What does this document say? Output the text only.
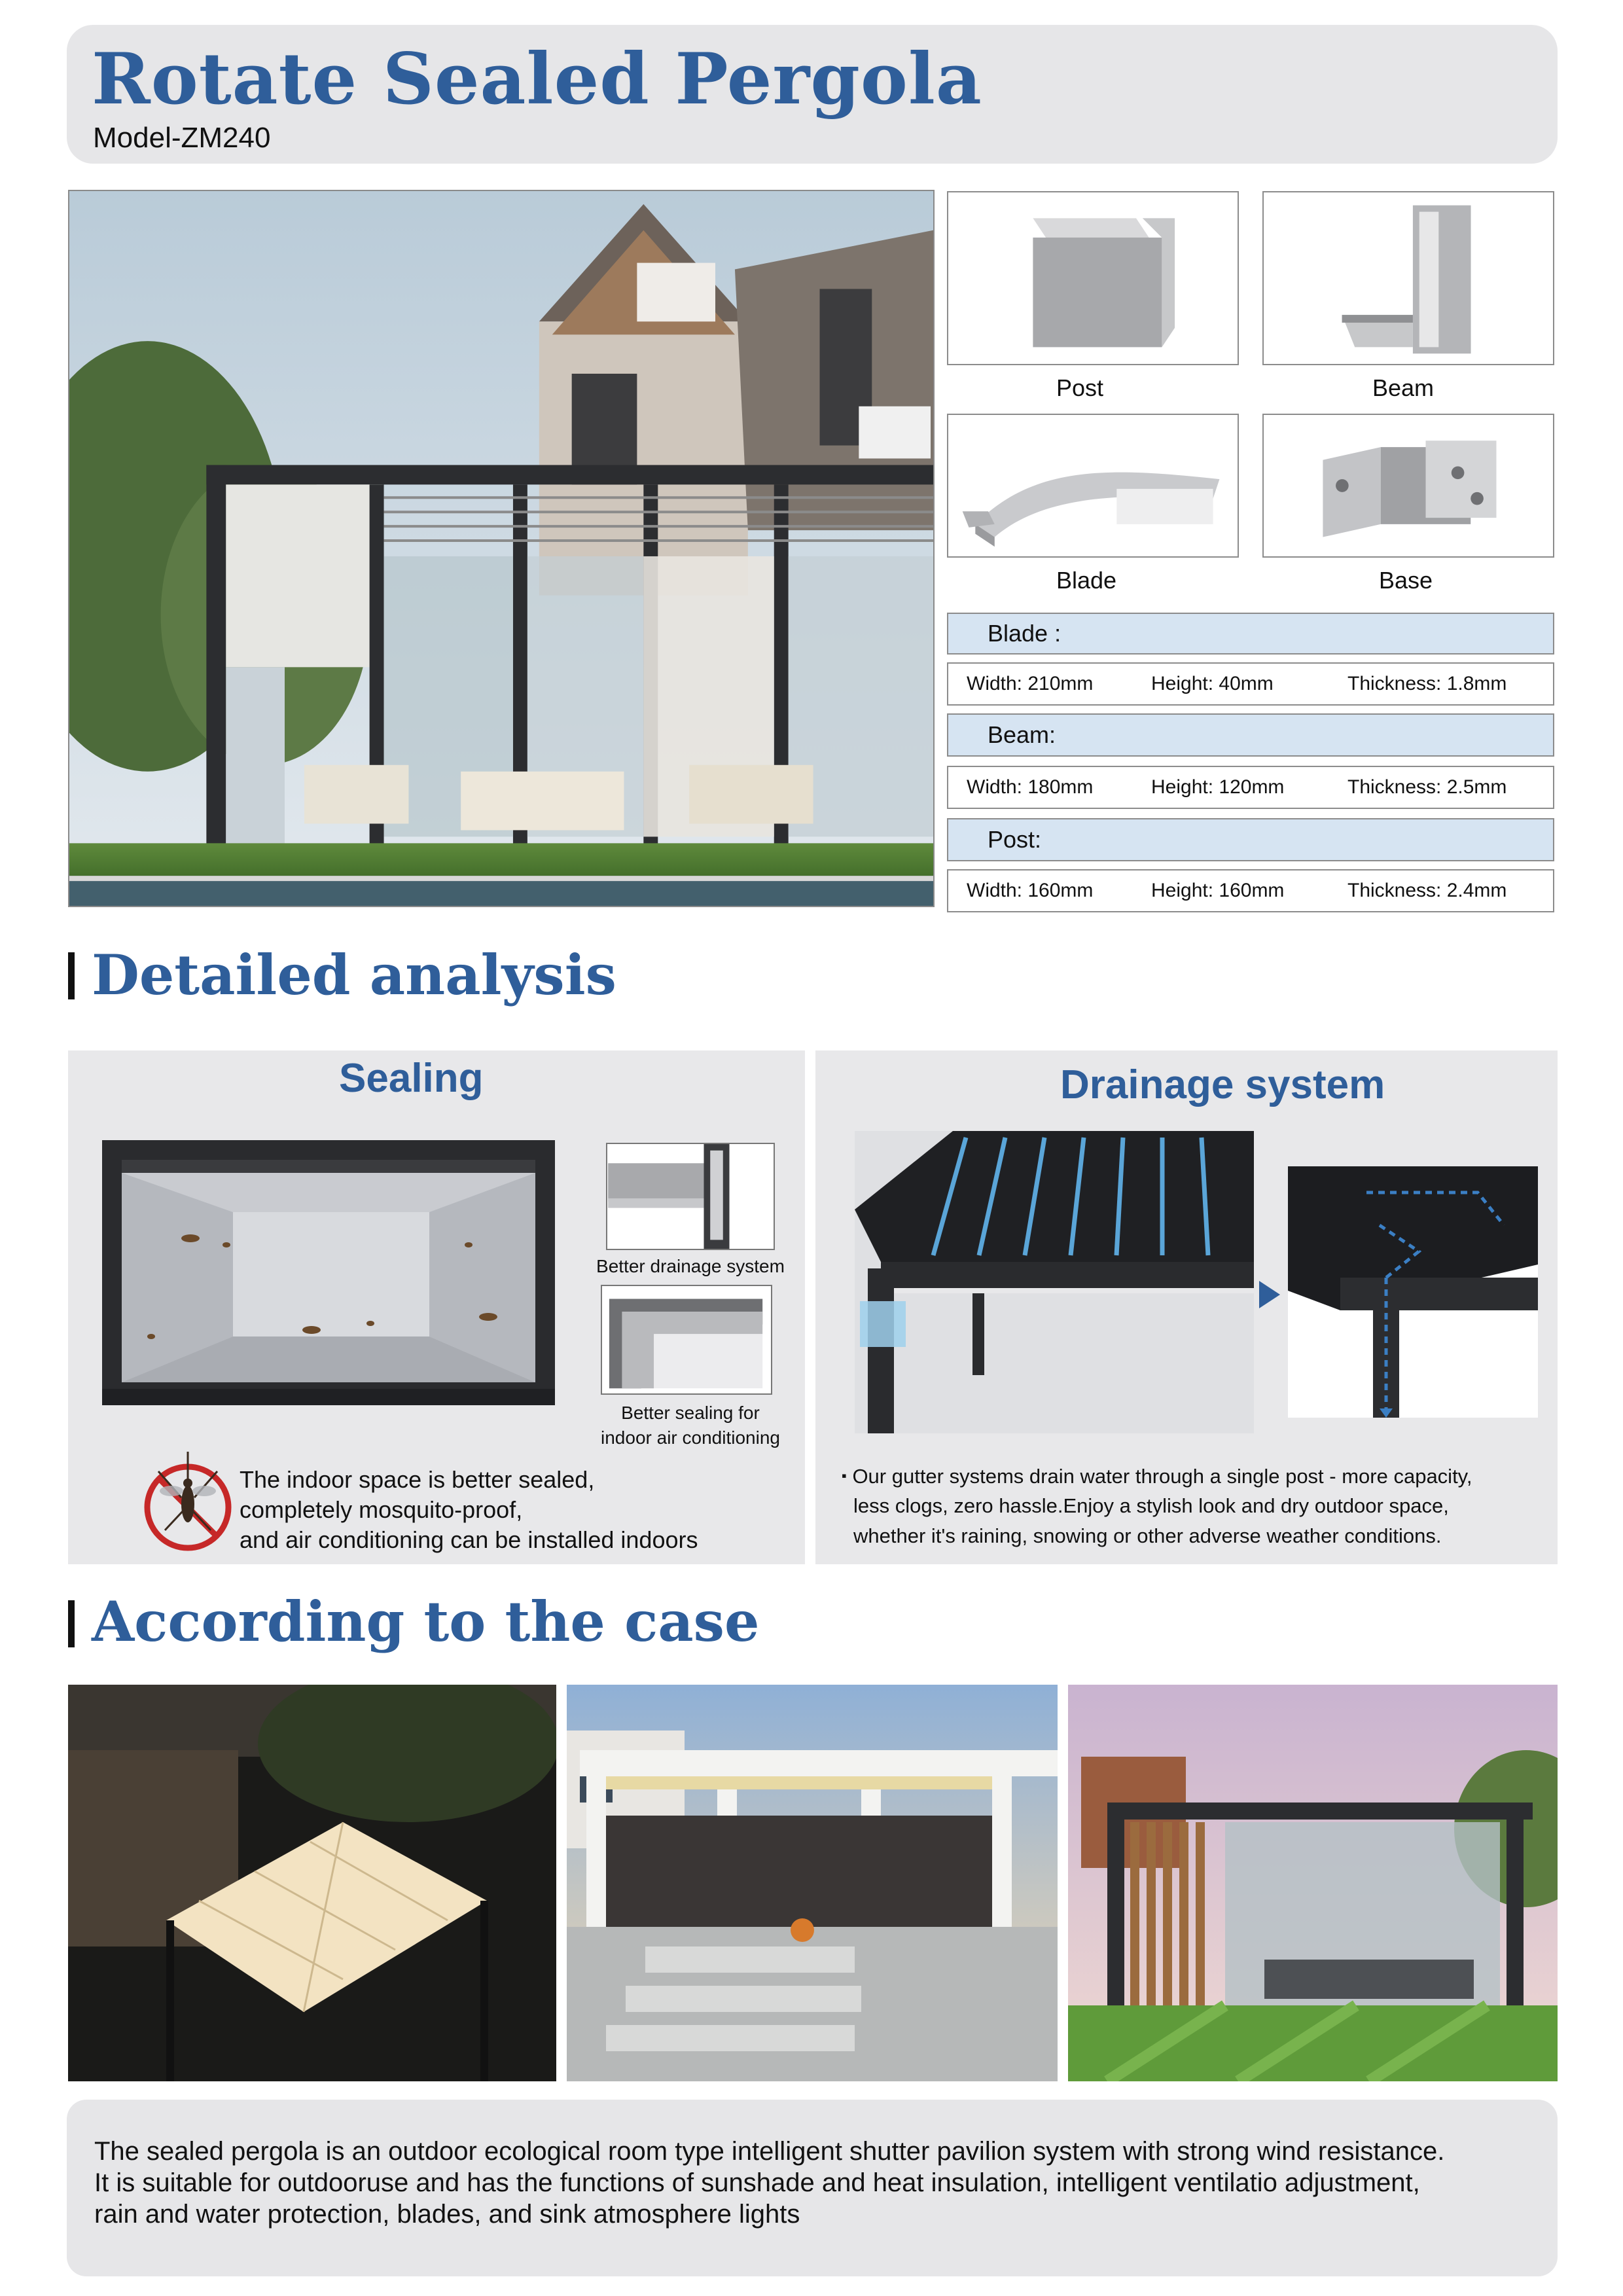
Rotate Sealed Pergola
Model-ZM240
Post	Beam
Blade	Base
Blade :
Width: 210mm	Height: 40mm	Thickness: 1.8mm
Beam:
Width: 180mm	Height: 120mm	Thickness: 2.5mm
Post:
Width: 160mm	Height: 160mm	Thickness: 2.4mm
Detailed analysis
Sealing
Better drainage system
Better sealing for
indoor air conditioning
The indoor space is better sealed,
completely mosquito-proof,
and air conditioning can be installed indoors
Drainage system
▪ Our gutter systems drain water through a single post - more capacity,
less clogs, zero hassle.Enjoy a stylish look and dry outdoor space,
whether it's raining, snowing or other adverse weather conditions.
According to the case
The sealed pergola is an outdoor ecological room type intelligent shutter pavilion system with strong wind resistance.
It is suitable for outdooruse and has the functions of sunshade and heat insulation, intelligent ventilatio adjustment,
rain and water protection, blades, and sink atmosphere lights
